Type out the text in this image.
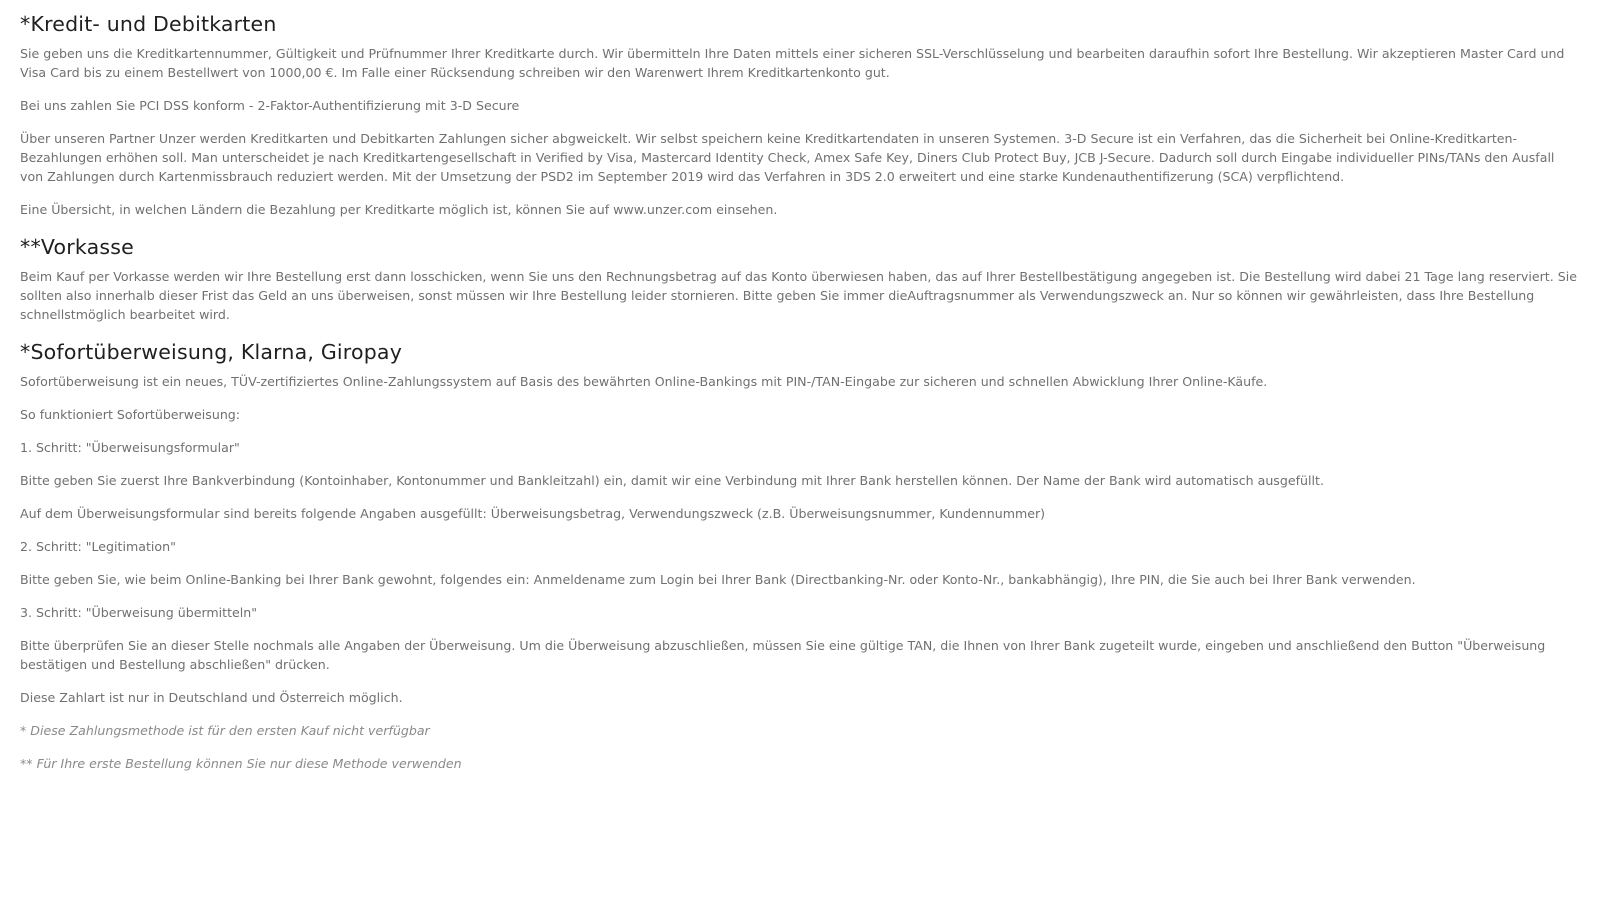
*Kredit- und Debitkarten

Sie geben uns die Kreditkartennummer, Gültigkeit und Prüfnummer Ihrer Kreditkarte durch. Wir übermitteln Ihre Daten mittels einer sicheren SSL-Verschlüsselung und bearbeiten daraufhin sofort Ihre Bestellung. Wir akzeptieren Master Card und Visa Card bis zu einem Bestellwert von 1000,00 €. Im Falle einer Rücksendung schreiben wir den Warenwert Ihrem Kreditkartenkonto gut.

Bei uns zahlen Sie PCI DSS konform - 2-Faktor-Authentifizierung mit 3-D Secure

Über unseren Partner Unzer werden Kreditkarten und Debitkarten Zahlungen sicher abgweickelt. Wir selbst speichern keine Kreditkartendaten in unseren Systemen. 3-D Secure ist ein Verfahren, das die Sicherheit bei Online-Kreditkarten-Bezahlungen erhöhen soll. Man unterscheidet je nach Kreditkartengesellschaft in Verified by Visa, Mastercard Identity Check, Amex Safe Key, Diners Club Protect Buy, JCB J-Secure. Dadurch soll durch Eingabe individueller PINs/TANs den Ausfall von Zahlungen durch Kartenmissbrauch reduziert werden. Mit der Umsetzung der PSD2 im September 2019 wird das Verfahren in 3DS 2.0 erweitert und eine starke Kundenauthentifizerung (SCA) verpflichtend.

Eine Übersicht, in welchen Ländern die Bezahlung per Kreditkarte möglich ist, können Sie auf www.unzer.com einsehen.

**Vorkasse

Beim Kauf per Vorkasse werden wir Ihre Bestellung erst dann losschicken, wenn Sie uns den Rechnungsbetrag auf das Konto überwiesen haben, das auf Ihrer Bestellbestätigung angegeben ist. Die Bestellung wird dabei 21 Tage lang reserviert. Sie sollten also innerhalb dieser Frist das Geld an uns überweisen, sonst müssen wir Ihre Bestellung leider stornieren. Bitte geben Sie immer dieAuftragsnummer als Verwendungszweck an. Nur so können wir gewährleisten, dass Ihre Bestellung schnellstmöglich bearbeitet wird.

*Sofortüberweisung, Klarna, Giropay

Sofortüberweisung ist ein neues, TÜV-zertifiziertes Online-Zahlungssystem auf Basis des bewährten Online-Bankings mit PIN-/TAN-Eingabe zur sicheren und schnellen Abwicklung Ihrer Online-Käufe.

So funktioniert Sofortüberweisung:

1. Schritt: "Überweisungsformular"

Bitte geben Sie zuerst Ihre Bankverbindung (Kontoinhaber, Kontonummer und Bankleitzahl) ein, damit wir eine Verbindung mit Ihrer Bank herstellen können. Der Name der Bank wird automatisch ausgefüllt.

Auf dem Überweisungsformular sind bereits folgende Angaben ausgefüllt: Überweisungsbetrag, Verwendungszweck (z.B. Überweisungsnummer, Kundennummer)

2. Schritt: "Legitimation"

Bitte geben Sie, wie beim Online-Banking bei Ihrer Bank gewohnt, folgendes ein: Anmeldename zum Login bei Ihrer Bank (Directbanking-Nr. oder Konto-Nr., bankabhängig), Ihre PIN, die Sie auch bei Ihrer Bank verwenden.

3. Schritt: "Überweisung übermitteln"

Bitte überprüfen Sie an dieser Stelle nochmals alle Angaben der Überweisung. Um die Überweisung abzuschließen, müssen Sie eine gültige TAN, die Ihnen von Ihrer Bank zugeteilt wurde, eingeben und anschließend den Button "Überweisung bestätigen und Bestellung abschließen" drücken.

Diese Zahlart ist nur in Deutschland und Österreich möglich.

* Diese Zahlungsmethode ist für den ersten Kauf nicht verfügbar

** Für Ihre erste Bestellung können Sie nur diese Methode verwenden
